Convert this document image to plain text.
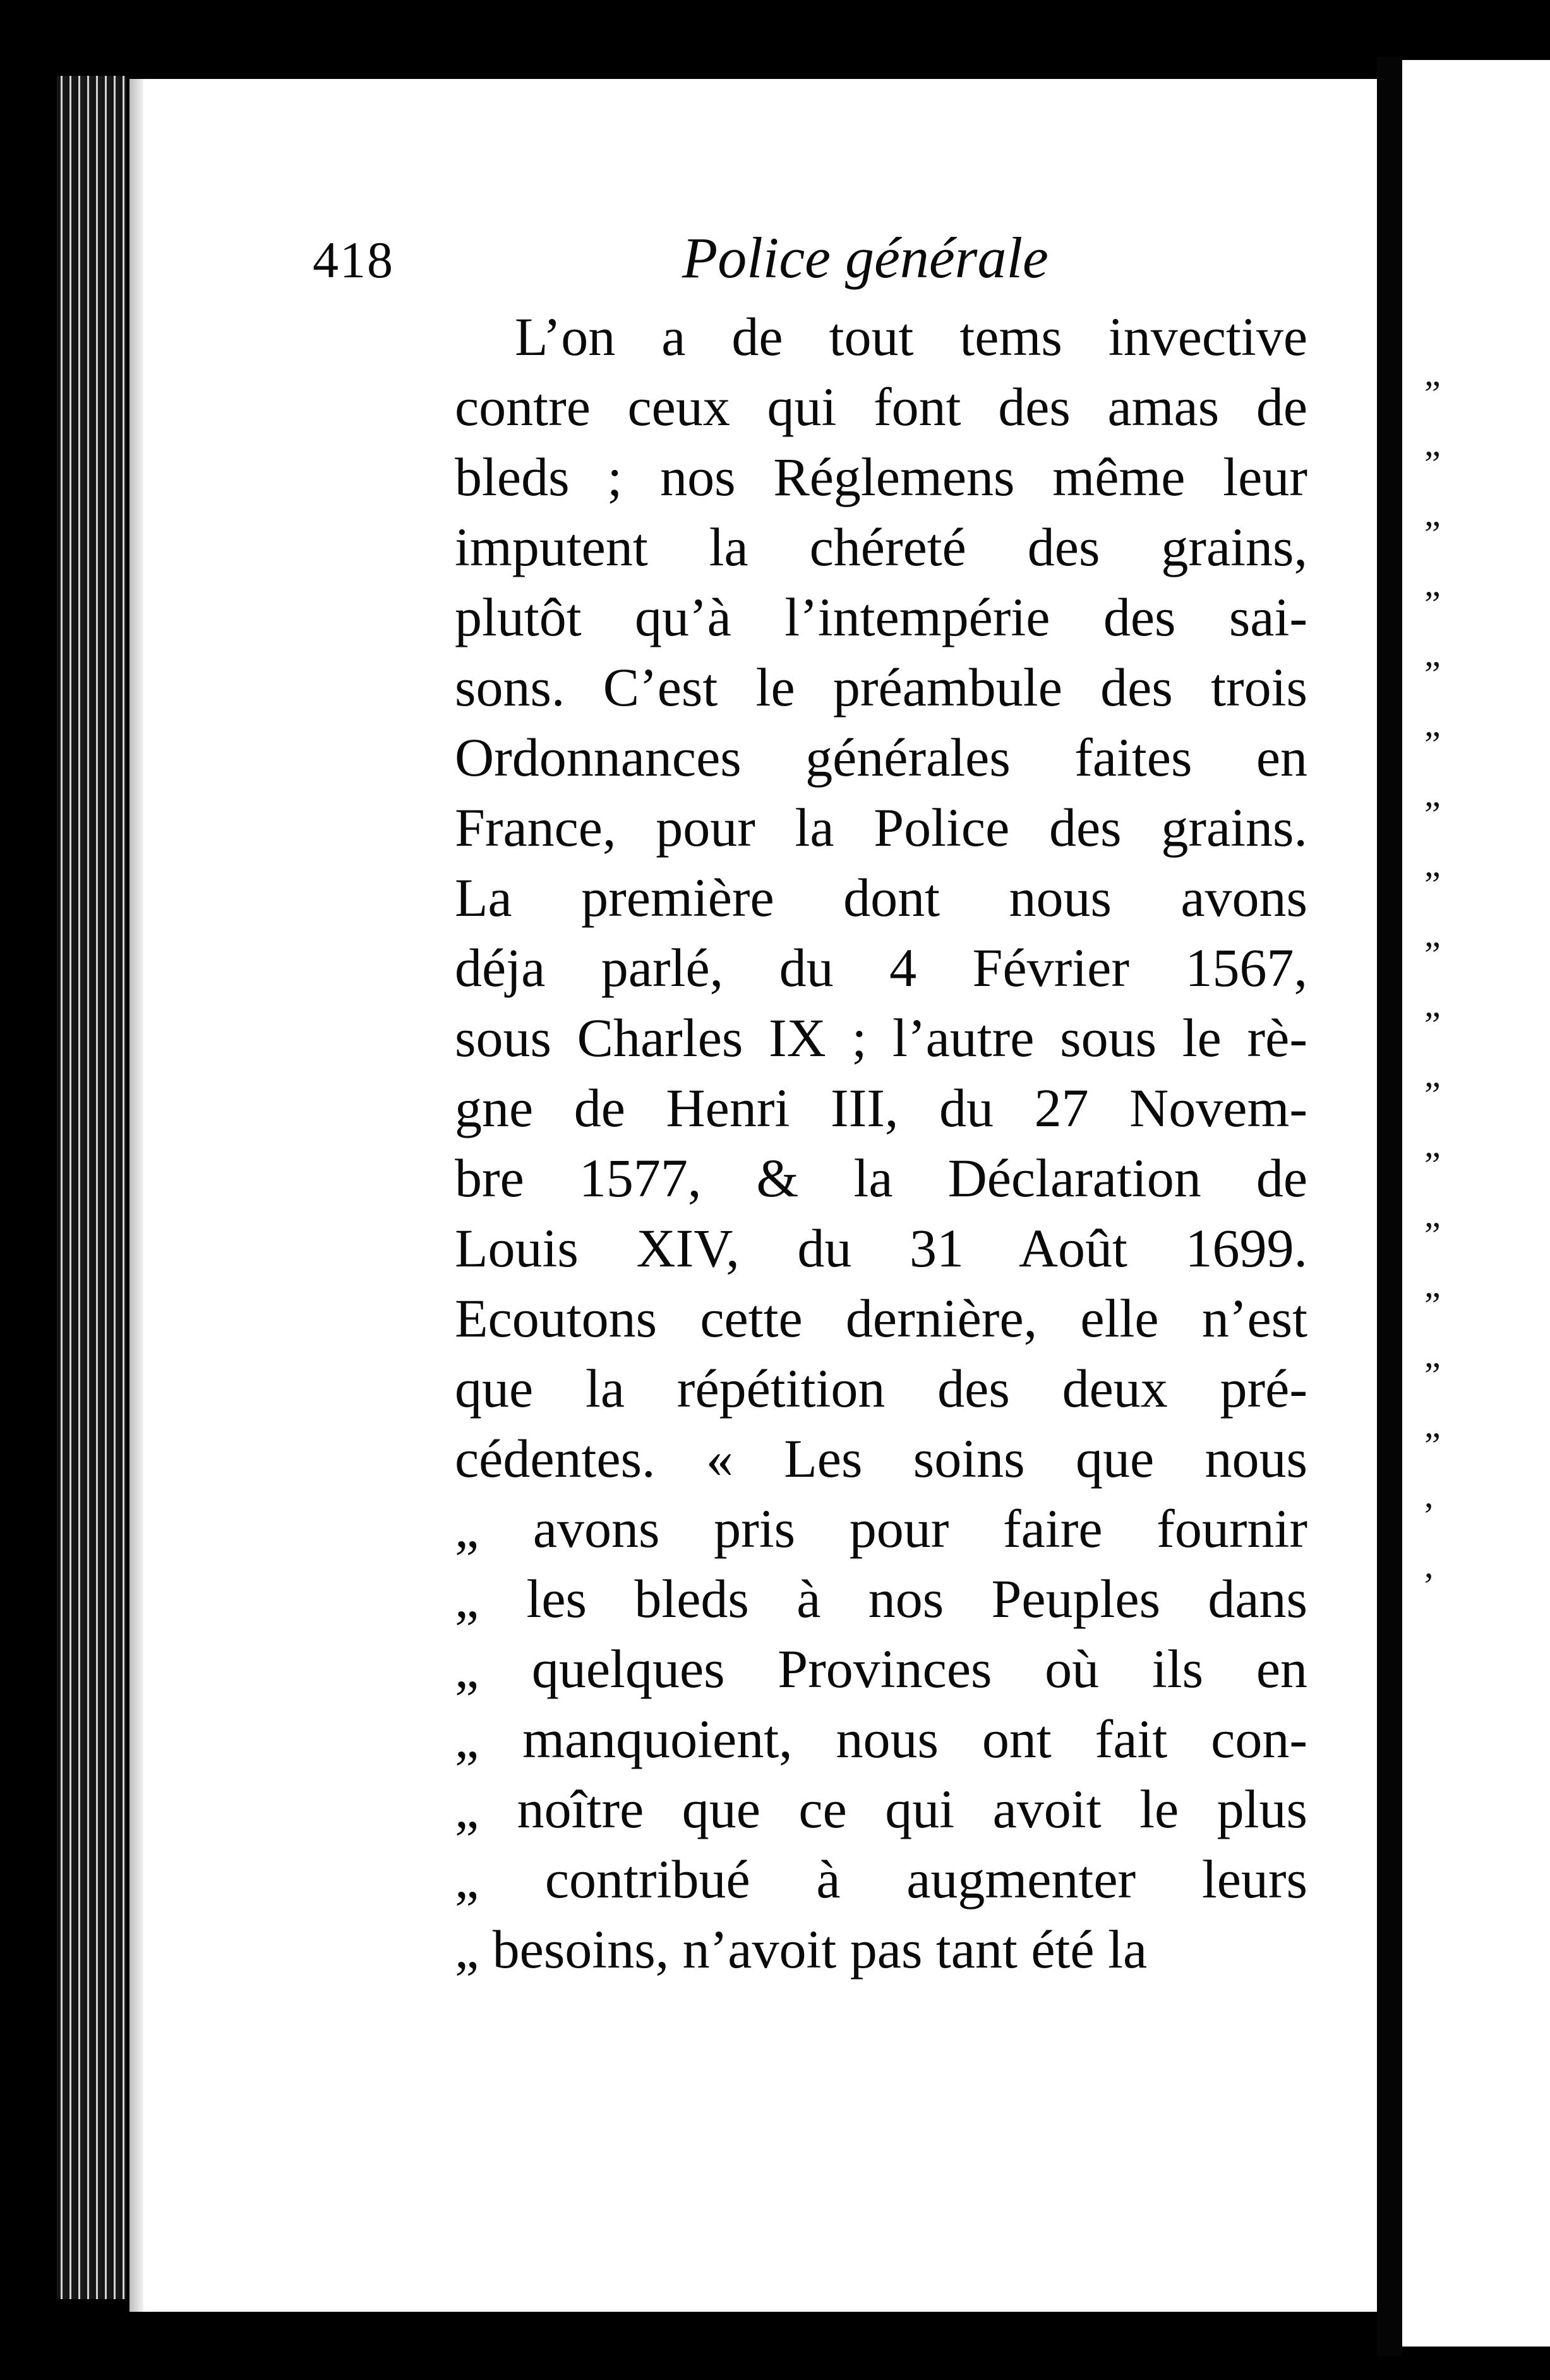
„
„
„
„
„
„
„
„
„
„
„
„
„
„
„
„
,
,
418	Police générale
L’on a de tout tems invective
contre ceux qui font des amas de
bleds ; nos Réglemens même leur
imputent la chéreté des grains,
plutôt qu’à l’intempérie des sai-
sons. C’est le préambule des trois
Ordonnances générales faites en
France, pour la Police des grains.
La première dont nous avons
déja parlé, du 4 Février 1567,
sous Charles IX ; l’autre sous le rè-
gne de Henri III, du 27 Novem-
bre 1577, & la Déclaration de
Louis XIV, du 31 Août 1699.
Ecoutons cette dernière, elle n’est
que la répétition des deux pré-
cédentes. « Les soins que nous
„ avons pris pour faire fournir
„ les bleds à nos Peuples dans
„ quelques Provinces où ils en
„ manquoient, nous ont fait con-
„ noître que ce qui avoit le plus
„ contribué à augmenter leurs
„ besoins, n’avoit pas tant été la
